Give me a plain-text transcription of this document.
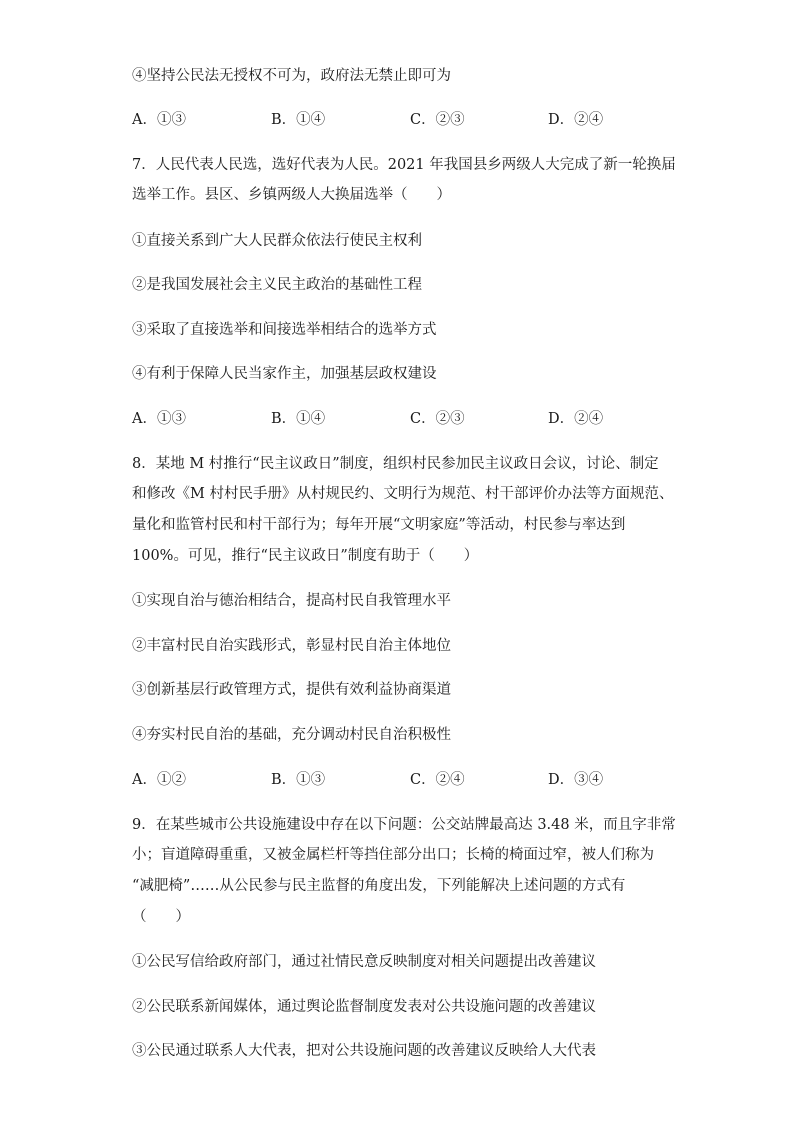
④坚持公民法无授权不可为，政府法无禁止即可为
A．①③	B．①④	C．②③	D．②④
7．人民代表人民选，选好代表为人民。2021 年我国县乡两级人大完成了新一轮换届
选举工作。县区、乡镇两级人大换届选举（　　）
①直接关系到广大人民群众依法行使民主权利
②是我国发展社会主义民主政治的基础性工程
③采取了直接选举和间接选举相结合的选举方式
④有利于保障人民当家作主，加强基层政权建设
A．①③	B．①④	C．②③	D．②④
8．某地 M 村推行“民主议政日”制度，组织村民参加民主议政日会议，讨论、制定
和修改《M 村村民手册》从村规民约、文明行为规范、村干部评价办法等方面规范、
量化和监管村民和村干部行为；每年开展“文明家庭”等活动，村民参与率达到
100%。可见，推行“民主议政日”制度有助于（　　）
①实现自治与德治相结合，提高村民自我管理水平
②丰富村民自治实践形式，彰显村民自治主体地位
③创新基层行政管理方式，提供有效利益协商渠道
④夯实村民自治的基础，充分调动村民自治积极性
A．①②	B．①③	C．②④	D．③④
9．在某些城市公共设施建设中存在以下问题：公交站牌最高达 3.48 米，而且字非常
小；盲道障碍重重，又被金属栏杆等挡住部分出口；长椅的椅面过窄，被人们称为
“减肥椅”……从公民参与民主监督的角度出发，下列能解决上述问题的方式有
（　　）
①公民写信给政府部门，通过社情民意反映制度对相关问题提出改善建议
②公民联系新闻媒体，通过舆论监督制度发表对公共设施问题的改善建议
③公民通过联系人大代表，把对公共设施问题的改善建议反映给人大代表
